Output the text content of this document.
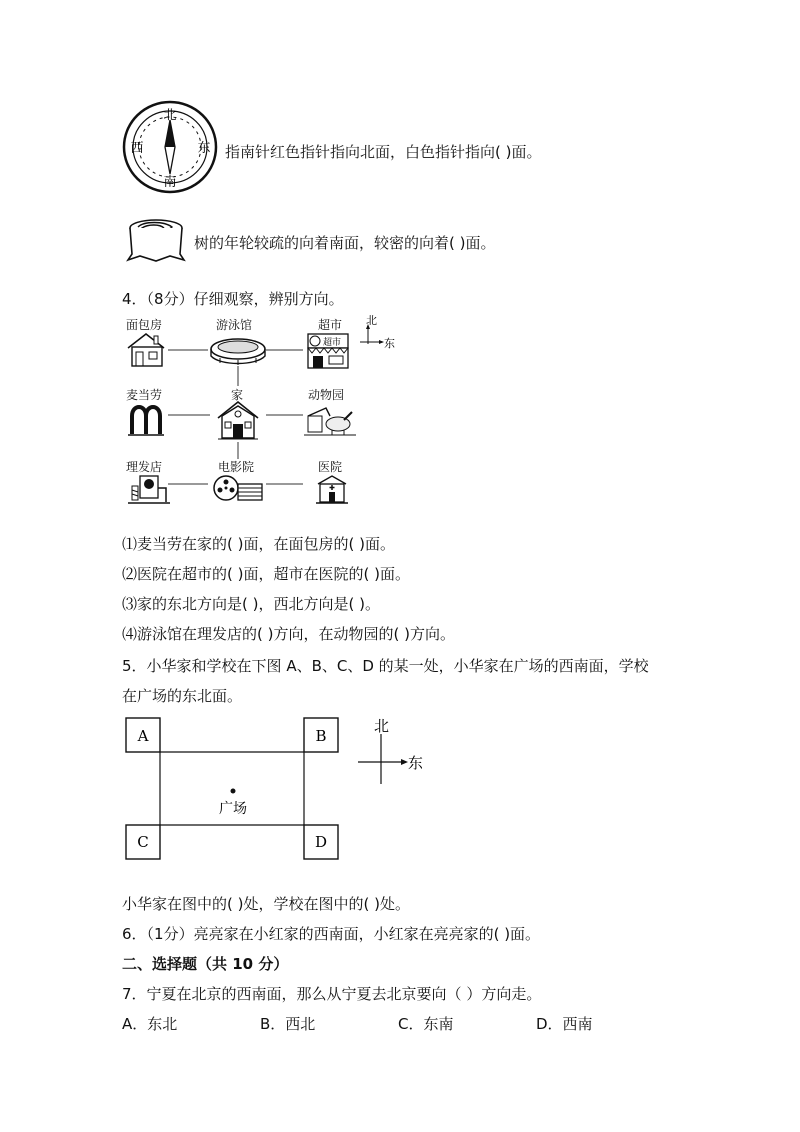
北
南
西	东 指南针红色指针指向北面，白色指针指向( )面。
树的年轮较疏的向着南面，较密的向着( )面。
4．（8分）仔细观察，辨别方向。
面包房	游泳馆	超市
麦当劳	家	动物园
理发店	电影院	医院
超市
北
东
⑴麦当劳在家的( )面，在面包房的( )面。
⑵医院在超市的( )面，超市在医院的( )面。
⑶家的东北方向是( )，西北方向是( )。
⑷游泳馆在理发店的( )方向，在动物园的( )方向。
5．小华家和学校在下图 A、B、C、D 的某一处，小华家在广场的西南面，学校
在广场的东北面。
A	B
C	D
广场
北
东
小华家在图中的( )处，学校在图中的( )处。
6．（1分）亮亮家在小红家的西南面，小红家在亮亮家的( )面。
二、选择题（共 10 分）
7．宁夏在北京的西南面，那么从宁夏去北京要向（ ）方向走。
A．东北	B．西北	C．东南	D．西南
